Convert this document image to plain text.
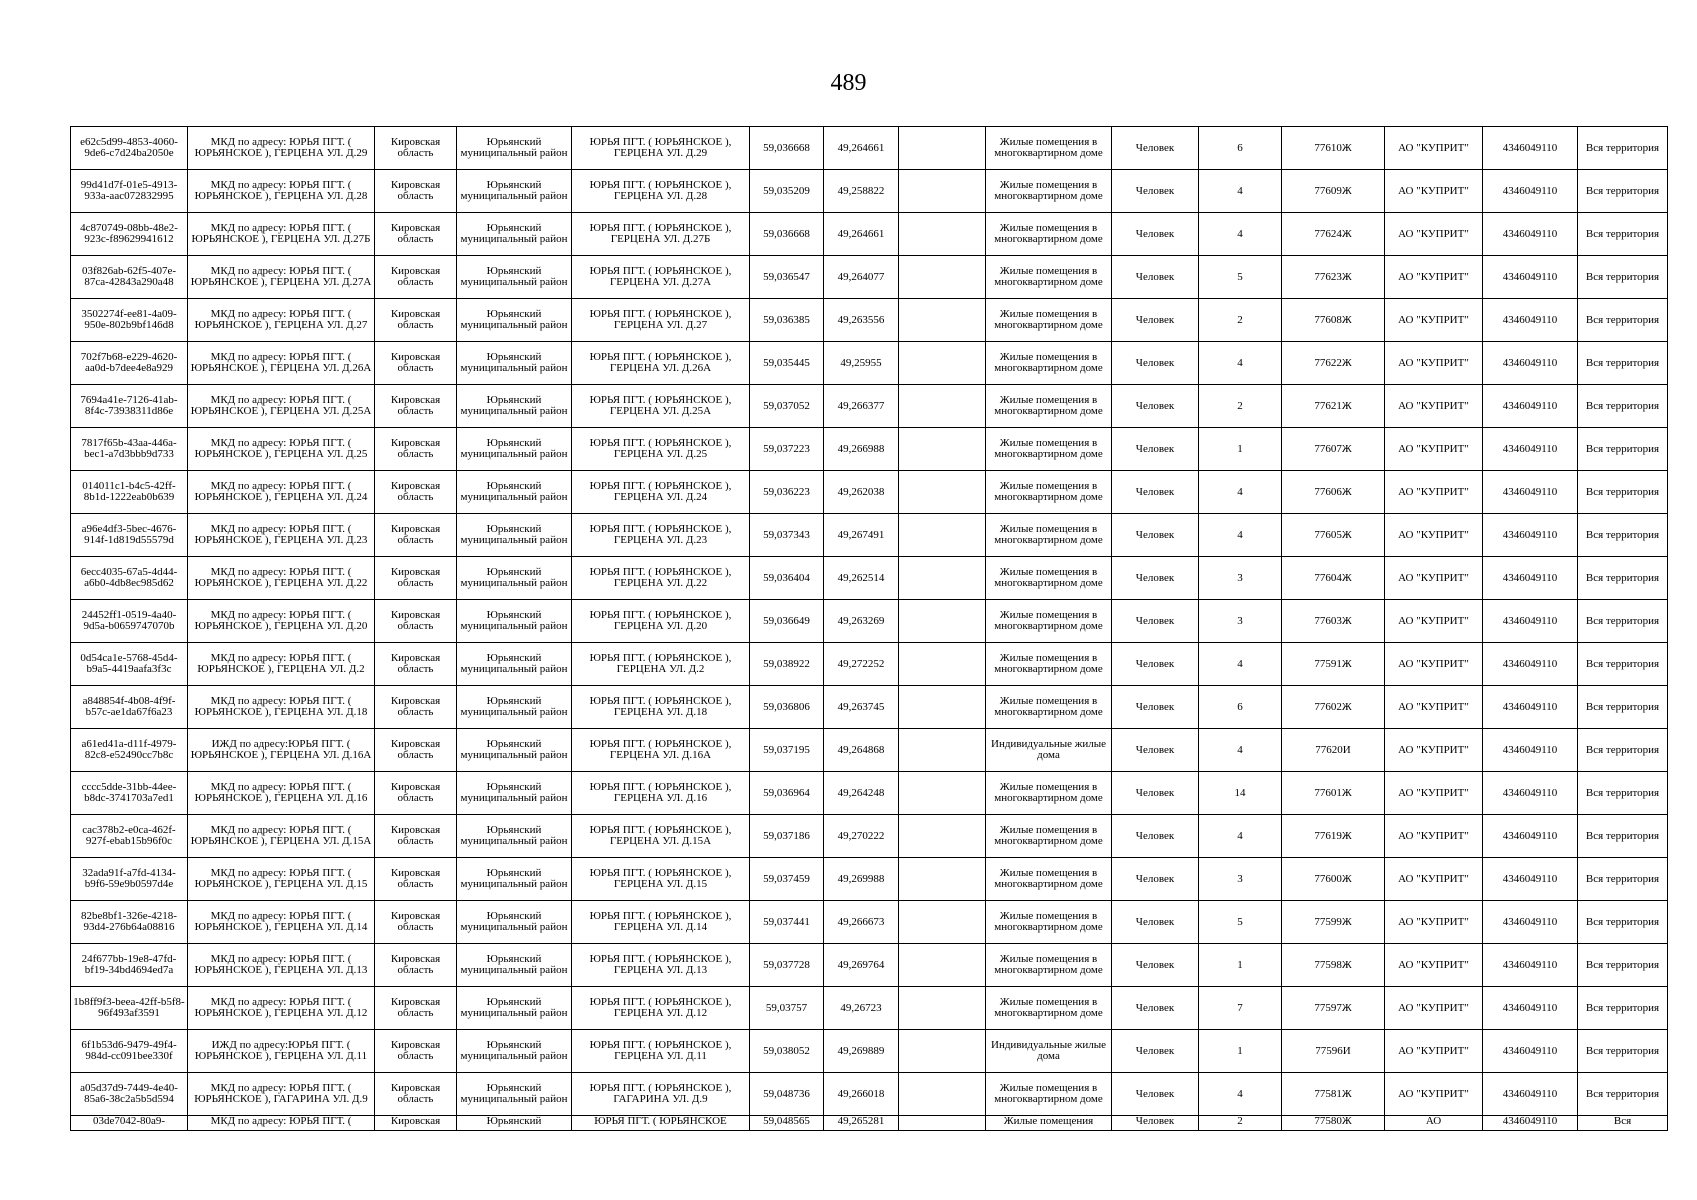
489
e62c5d99-4853-4060-9de6-c7d24ba2050e	МКД по адресу: ЮРЬЯ ПГТ. ( ЮРЬЯНСКОЕ ), ГЕРЦЕНА УЛ. Д.29	Кировская область	Юрьянский муниципальный район	ЮРЬЯ ПГТ. ( ЮРЬЯНСКОЕ ), ГЕРЦЕНА УЛ. Д.29	59,036668	49,264661		Жилые помещения в многоквартирном доме	Человек	6	77610Ж	АО "КУПРИТ"	4346049110	Вся территория
99d41d7f-01e5-4913-933a-aac072832995	МКД по адресу: ЮРЬЯ ПГТ. ( ЮРЬЯНСКОЕ ), ГЕРЦЕНА УЛ. Д.28	Кировская область	Юрьянский муниципальный район	ЮРЬЯ ПГТ. ( ЮРЬЯНСКОЕ ), ГЕРЦЕНА УЛ. Д.28	59,035209	49,258822		Жилые помещения в многоквартирном доме	Человек	4	77609Ж	АО "КУПРИТ"	4346049110	Вся территория
4c870749-08bb-48e2-923c-f89629941612	МКД по адресу: ЮРЬЯ ПГТ. ( ЮРЬЯНСКОЕ ), ГЕРЦЕНА УЛ. Д.27Б	Кировская область	Юрьянский муниципальный район	ЮРЬЯ ПГТ. ( ЮРЬЯНСКОЕ ), ГЕРЦЕНА УЛ. Д.27Б	59,036668	49,264661		Жилые помещения в многоквартирном доме	Человек	4	77624Ж	АО "КУПРИТ"	4346049110	Вся территория
03f826ab-62f5-407e-87ca-42843a290a48	МКД по адресу: ЮРЬЯ ПГТ. ( ЮРЬЯНСКОЕ ), ГЕРЦЕНА УЛ. Д.27А	Кировская область	Юрьянский муниципальный район	ЮРЬЯ ПГТ. ( ЮРЬЯНСКОЕ ), ГЕРЦЕНА УЛ. Д.27А	59,036547	49,264077		Жилые помещения в многоквартирном доме	Человек	5	77623Ж	АО "КУПРИТ"	4346049110	Вся территория
3502274f-ee81-4a09-950e-802b9bf146d8	МКД по адресу: ЮРЬЯ ПГТ. ( ЮРЬЯНСКОЕ ), ГЕРЦЕНА УЛ. Д.27	Кировская область	Юрьянский муниципальный район	ЮРЬЯ ПГТ. ( ЮРЬЯНСКОЕ ), ГЕРЦЕНА УЛ. Д.27	59,036385	49,263556		Жилые помещения в многоквартирном доме	Человек	2	77608Ж	АО "КУПРИТ"	4346049110	Вся территория
702f7b68-e229-4620-aa0d-b7dee4e8a929	МКД по адресу: ЮРЬЯ ПГТ. ( ЮРЬЯНСКОЕ ), ГЕРЦЕНА УЛ. Д.26А	Кировская область	Юрьянский муниципальный район	ЮРЬЯ ПГТ. ( ЮРЬЯНСКОЕ ), ГЕРЦЕНА УЛ. Д.26А	59,035445	49,25955		Жилые помещения в многоквартирном доме	Человек	4	77622Ж	АО "КУПРИТ"	4346049110	Вся территория
7694a41e-7126-41ab-8f4c-73938311d86e	МКД по адресу: ЮРЬЯ ПГТ. ( ЮРЬЯНСКОЕ ), ГЕРЦЕНА УЛ. Д.25А	Кировская область	Юрьянский муниципальный район	ЮРЬЯ ПГТ. ( ЮРЬЯНСКОЕ ), ГЕРЦЕНА УЛ. Д.25А	59,037052	49,266377		Жилые помещения в многоквартирном доме	Человек	2	77621Ж	АО "КУПРИТ"	4346049110	Вся территория
7817f65b-43aa-446a-bec1-a7d3bbb9d733	МКД по адресу: ЮРЬЯ ПГТ. ( ЮРЬЯНСКОЕ ), ГЕРЦЕНА УЛ. Д.25	Кировская область	Юрьянский муниципальный район	ЮРЬЯ ПГТ. ( ЮРЬЯНСКОЕ ), ГЕРЦЕНА УЛ. Д.25	59,037223	49,266988		Жилые помещения в многоквартирном доме	Человек	1	77607Ж	АО "КУПРИТ"	4346049110	Вся территория
014011c1-b4c5-42ff-8b1d-1222eab0b639	МКД по адресу: ЮРЬЯ ПГТ. ( ЮРЬЯНСКОЕ ), ГЕРЦЕНА УЛ. Д.24	Кировская область	Юрьянский муниципальный район	ЮРЬЯ ПГТ. ( ЮРЬЯНСКОЕ ), ГЕРЦЕНА УЛ. Д.24	59,036223	49,262038		Жилые помещения в многоквартирном доме	Человек	4	77606Ж	АО "КУПРИТ"	4346049110	Вся территория
a96e4df3-5bec-4676-914f-1d819d55579d	МКД по адресу: ЮРЬЯ ПГТ. ( ЮРЬЯНСКОЕ ), ГЕРЦЕНА УЛ. Д.23	Кировская область	Юрьянский муниципальный район	ЮРЬЯ ПГТ. ( ЮРЬЯНСКОЕ ), ГЕРЦЕНА УЛ. Д.23	59,037343	49,267491		Жилые помещения в многоквартирном доме	Человек	4	77605Ж	АО "КУПРИТ"	4346049110	Вся территория
6ecc4035-67a5-4d44-a6b0-4db8ec985d62	МКД по адресу: ЮРЬЯ ПГТ. ( ЮРЬЯНСКОЕ ), ГЕРЦЕНА УЛ. Д.22	Кировская область	Юрьянский муниципальный район	ЮРЬЯ ПГТ. ( ЮРЬЯНСКОЕ ), ГЕРЦЕНА УЛ. Д.22	59,036404	49,262514		Жилые помещения в многоквартирном доме	Человек	3	77604Ж	АО "КУПРИТ"	4346049110	Вся территория
24452ff1-0519-4a40-9d5a-b0659747070b	МКД по адресу: ЮРЬЯ ПГТ. ( ЮРЬЯНСКОЕ ), ГЕРЦЕНА УЛ. Д.20	Кировская область	Юрьянский муниципальный район	ЮРЬЯ ПГТ. ( ЮРЬЯНСКОЕ ), ГЕРЦЕНА УЛ. Д.20	59,036649	49,263269		Жилые помещения в многоквартирном доме	Человек	3	77603Ж	АО "КУПРИТ"	4346049110	Вся территория
0d54ca1e-5768-45d4-b9a5-4419aafa3f3c	МКД по адресу: ЮРЬЯ ПГТ. ( ЮРЬЯНСКОЕ ), ГЕРЦЕНА УЛ. Д.2	Кировская область	Юрьянский муниципальный район	ЮРЬЯ ПГТ. ( ЮРЬЯНСКОЕ ), ГЕРЦЕНА УЛ. Д.2	59,038922	49,272252		Жилые помещения в многоквартирном доме	Человек	4	77591Ж	АО "КУПРИТ"	4346049110	Вся территория
a848854f-4b08-4f9f-b57c-ae1da67f6a23	МКД по адресу: ЮРЬЯ ПГТ. ( ЮРЬЯНСКОЕ ), ГЕРЦЕНА УЛ. Д.18	Кировская область	Юрьянский муниципальный район	ЮРЬЯ ПГТ. ( ЮРЬЯНСКОЕ ), ГЕРЦЕНА УЛ. Д.18	59,036806	49,263745		Жилые помещения в многоквартирном доме	Человек	6	77602Ж	АО "КУПРИТ"	4346049110	Вся территория
a61ed41a-d11f-4979-82c8-e52490cc7b8c	ИЖД по адресу:ЮРЬЯ ПГТ. ( ЮРЬЯНСКОЕ ), ГЕРЦЕНА УЛ. Д.16А	Кировская область	Юрьянский муниципальный район	ЮРЬЯ ПГТ. ( ЮРЬЯНСКОЕ ), ГЕРЦЕНА УЛ. Д.16А	59,037195	49,264868		Индивидуальные жилые дома	Человек	4	77620И	АО "КУПРИТ"	4346049110	Вся территория
cccc5dde-31bb-44ee-b8dc-3741703a7ed1	МКД по адресу: ЮРЬЯ ПГТ. ( ЮРЬЯНСКОЕ ), ГЕРЦЕНА УЛ. Д.16	Кировская область	Юрьянский муниципальный район	ЮРЬЯ ПГТ. ( ЮРЬЯНСКОЕ ), ГЕРЦЕНА УЛ. Д.16	59,036964	49,264248		Жилые помещения в многоквартирном доме	Человек	14	77601Ж	АО "КУПРИТ"	4346049110	Вся территория
cac378b2-e0ca-462f-927f-ebab15b96f0c	МКД по адресу: ЮРЬЯ ПГТ. ( ЮРЬЯНСКОЕ ), ГЕРЦЕНА УЛ. Д.15А	Кировская область	Юрьянский муниципальный район	ЮРЬЯ ПГТ. ( ЮРЬЯНСКОЕ ), ГЕРЦЕНА УЛ. Д.15А	59,037186	49,270222		Жилые помещения в многоквартирном доме	Человек	4	77619Ж	АО "КУПРИТ"	4346049110	Вся территория
32ada91f-a7fd-4134-b9f6-59e9b0597d4e	МКД по адресу: ЮРЬЯ ПГТ. ( ЮРЬЯНСКОЕ ), ГЕРЦЕНА УЛ. Д.15	Кировская область	Юрьянский муниципальный район	ЮРЬЯ ПГТ. ( ЮРЬЯНСКОЕ ), ГЕРЦЕНА УЛ. Д.15	59,037459	49,269988		Жилые помещения в многоквартирном доме	Человек	3	77600Ж	АО "КУПРИТ"	4346049110	Вся территория
82be8bf1-326e-4218-93d4-276b64a08816	МКД по адресу: ЮРЬЯ ПГТ. ( ЮРЬЯНСКОЕ ), ГЕРЦЕНА УЛ. Д.14	Кировская область	Юрьянский муниципальный район	ЮРЬЯ ПГТ. ( ЮРЬЯНСКОЕ ), ГЕРЦЕНА УЛ. Д.14	59,037441	49,266673		Жилые помещения в многоквартирном доме	Человек	5	77599Ж	АО "КУПРИТ"	4346049110	Вся территория
24f677bb-19e8-47fd-bf19-34bd4694ed7a	МКД по адресу: ЮРЬЯ ПГТ. ( ЮРЬЯНСКОЕ ), ГЕРЦЕНА УЛ. Д.13	Кировская область	Юрьянский муниципальный район	ЮРЬЯ ПГТ. ( ЮРЬЯНСКОЕ ), ГЕРЦЕНА УЛ. Д.13	59,037728	49,269764		Жилые помещения в многоквартирном доме	Человек	1	77598Ж	АО "КУПРИТ"	4346049110	Вся территория
1b8ff9f3-beea-42ff-b5f8-96f493af3591	МКД по адресу: ЮРЬЯ ПГТ. ( ЮРЬЯНСКОЕ ), ГЕРЦЕНА УЛ. Д.12	Кировская область	Юрьянский муниципальный район	ЮРЬЯ ПГТ. ( ЮРЬЯНСКОЕ ), ГЕРЦЕНА УЛ. Д.12	59,03757	49,26723		Жилые помещения в многоквартирном доме	Человек	7	77597Ж	АО "КУПРИТ"	4346049110	Вся территория
6f1b53d6-9479-49f4-984d-cc091bee330f	ИЖД по адресу:ЮРЬЯ ПГТ. ( ЮРЬЯНСКОЕ ), ГЕРЦЕНА УЛ. Д.11	Кировская область	Юрьянский муниципальный район	ЮРЬЯ ПГТ. ( ЮРЬЯНСКОЕ ), ГЕРЦЕНА УЛ. Д.11	59,038052	49,269889		Индивидуальные жилые дома	Человек	1	77596И	АО "КУПРИТ"	4346049110	Вся территория
a05d37d9-7449-4e40-85a6-38c2a5b5d594	МКД по адресу: ЮРЬЯ ПГТ. ( ЮРЬЯНСКОЕ ), ГАГАРИНА УЛ. Д.9	Кировская область	Юрьянский муниципальный район	ЮРЬЯ ПГТ. ( ЮРЬЯНСКОЕ ), ГАГАРИНА УЛ. Д.9	59,048736	49,266018		Жилые помещения в многоквартирном доме	Человек	4	77581Ж	АО "КУПРИТ"	4346049110	Вся территория

03de7042-80a9-	МКД по адресу: ЮРЬЯ ПГТ. (	Кировская	Юрьянский	ЮРЬЯ ПГТ. ( ЮРЬЯНСКОЕ	59,048565	49,265281		Жилые помещения	Человек	2	77580Ж	АО	4346049110	Вся
